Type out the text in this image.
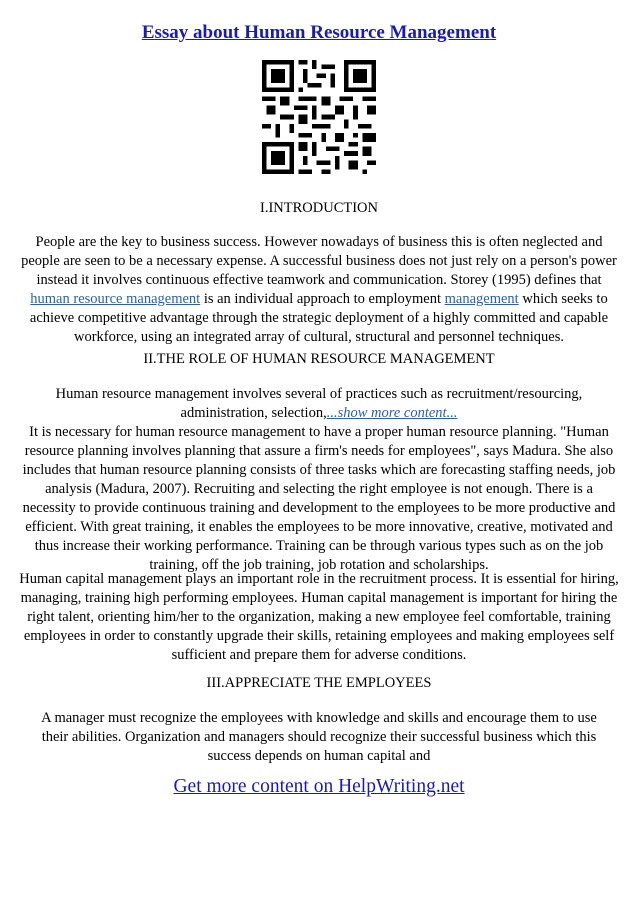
Essay about Human Resource Management
I.INTRODUCTION

People are the key to business success. However nowadays of business this is often neglected and people are seen to be a necessary expense. A successful business does not just rely on a person's power instead it involves continuous effective teamwork and communication. Storey (1995) defines that human resource management is an individual approach to employment management which seeks to achieve competitive advantage through the strategic deployment of a highly committed and capable workforce, using an integrated array of cultural, structural and personnel techniques.

II.THE ROLE OF HUMAN RESOURCE MANAGEMENT

Human resource management involves several of practices such as recruitment/resourcing, administration, selection,...show more content...

It is necessary for human resource management to have a proper human resource planning. "Human resource planning involves planning that assure a firm's needs for employees", says Madura. She also includes that human resource planning consists of three tasks which are forecasting staffing needs, job analysis (Madura, 2007). Recruiting and selecting the right employee is not enough. There is a necessity to provide continuous training and development to the employees to be more productive and efficient. With great training, it enables the employees to be more innovative, creative, motivated and thus increase their working performance. Training can be through various types such as on the job training, off the job training, job rotation and scholarships.

Human capital management plays an important role in the recruitment process. It is essential for hiring, managing, training high performing employees. Human capital management is important for hiring the right talent, orienting him/her to the organization, making a new employee feel comfortable, training employees in order to constantly upgrade their skills, retaining employees and making employees self sufficient and prepare them for adverse conditions.

III.APPRECIATE THE EMPLOYEES

A manager must recognize the employees with knowledge and skills and encourage them to use their abilities. Organization and managers should recognize their successful business which this success depends on human capital and

Get more content on HelpWriting.net
